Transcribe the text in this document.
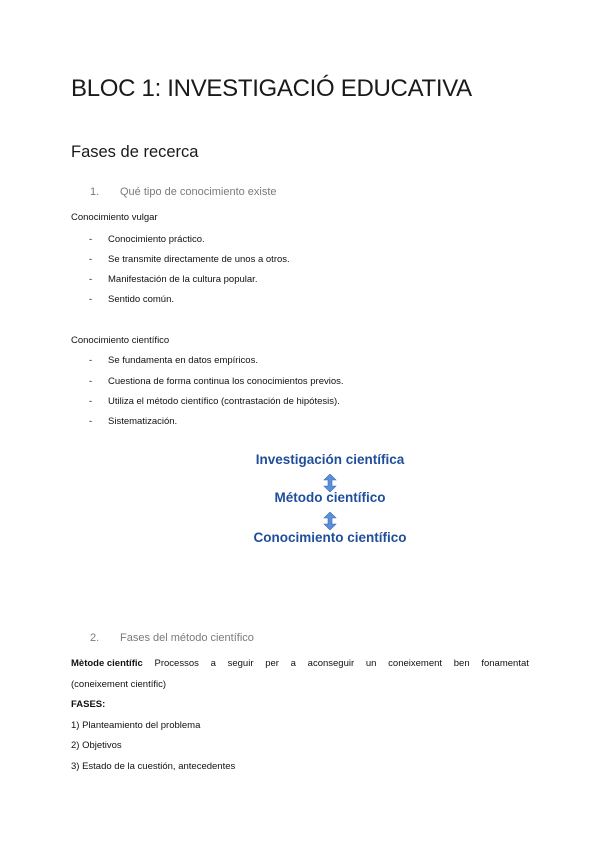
BLOC 1: INVESTIGACIÓ EDUCATIVA
Fases de recerca
1. Qué tipo de conocimiento existe
Conocimiento vulgar
- Conocimiento práctico.
- Se transmite directamente de unos a otros.
- Manifestación de la cultura popular.
- Sentido común.
Conocimiento científico
- Se fundamenta en datos empíricos.
- Cuestiona de forma continua los conocimientos previos.
- Utiliza el método científico (contrastación de hipótesis).
- Sistematización.
Investigación científica
Método científico
Conocimiento científico
2. Fases del método científico
Mètode científic Processos a seguir per a aconseguir un coneixement ben fonamentat
(coneixement científic)
FASES:
1) Planteamiento del problema
2) Objetivos
3) Estado de la cuestión, antecedentes
